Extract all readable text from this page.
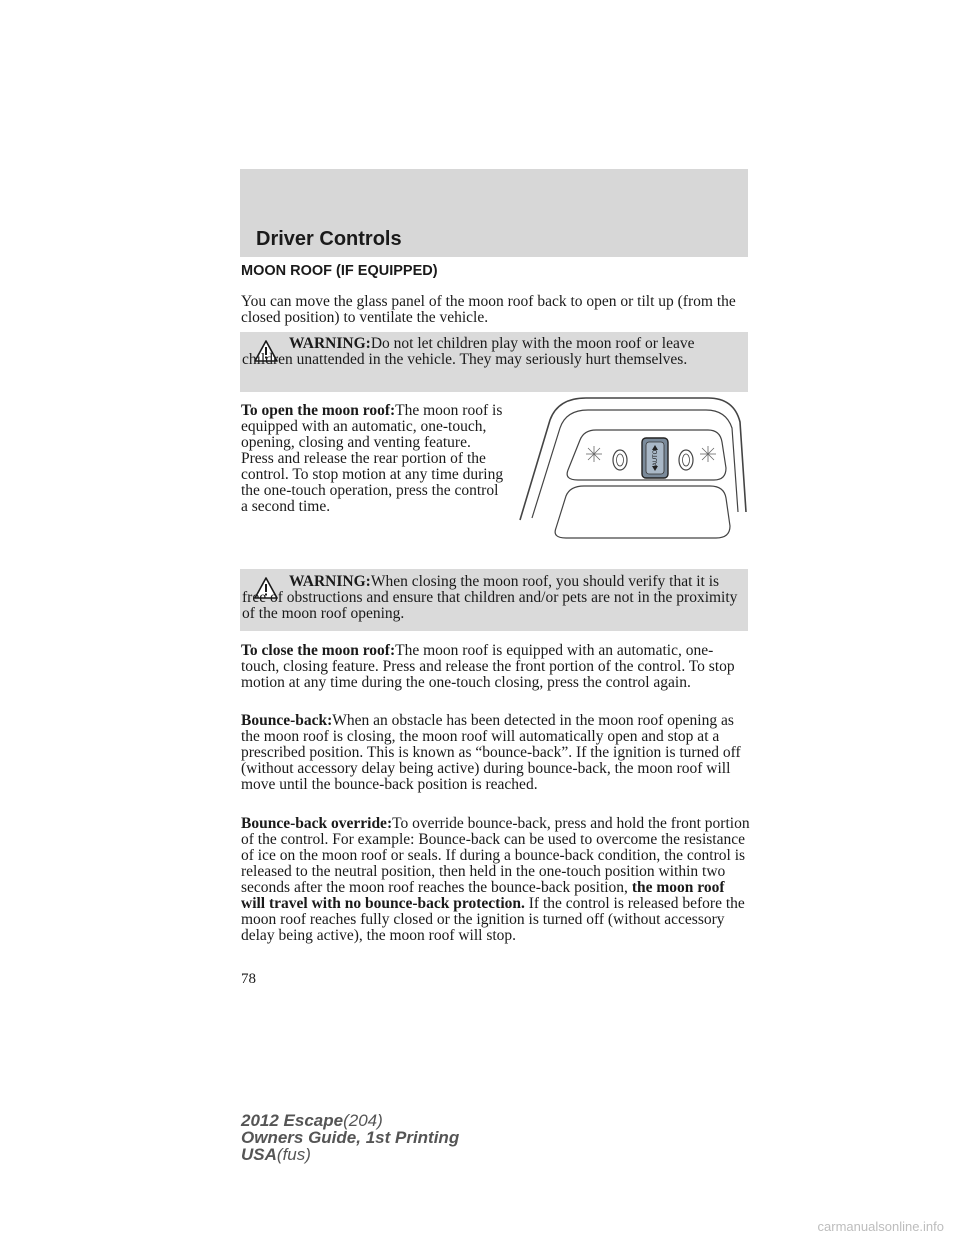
Driver Controls
MOON ROOF (IF EQUIPPED)

You can move the glass panel of the moon roof back to open or tilt up (from the closed position) to ventilate the vehicle.

WARNING:Do not let children play with the moon roof or leave children unattended in the vehicle. They may seriously hurt themselves.

To open the moon roof:The moon roof is equipped with an automatic, one-touch, opening, closing and venting feature. Press and release the rear portion of the control. To stop motion at any time during the one-touch operation, press the control a second time.

AUTO

WARNING:When closing the moon roof, you should verify that it is free of obstructions and ensure that children and/or pets are not in the proximity of the moon roof opening.

To close the moon roof:The moon roof is equipped with an automatic, one-touch, closing feature. Press and release the front portion of the control. To stop motion at any time during the one-touch closing, press the control again.

Bounce-back:When an obstacle has been detected in the moon roof opening as the moon roof is closing, the moon roof will automatically open and stop at a prescribed position. This is known as “bounce-back”. If the ignition is turned off (without accessory delay being active) during bounce-back, the moon roof will move until the bounce-back position is reached.

Bounce-back override:To override bounce-back, press and hold the front portion of the control. For example: Bounce-back can be used to overcome the resistance of ice on the moon roof or seals. If during a bounce-back condition, the control is released to the neutral position, then held in the one-touch position within two seconds after the moon roof reaches the bounce-back position, the moon roof will travel with no bounce-back protection. If the control is released before the moon roof reaches fully closed or the ignition is turned off (without accessory delay being active), the moon roof will stop.

78
2012 Escape(204)
Owners Guide, 1st Printing
USA(fus)
carmanualsonline.info
